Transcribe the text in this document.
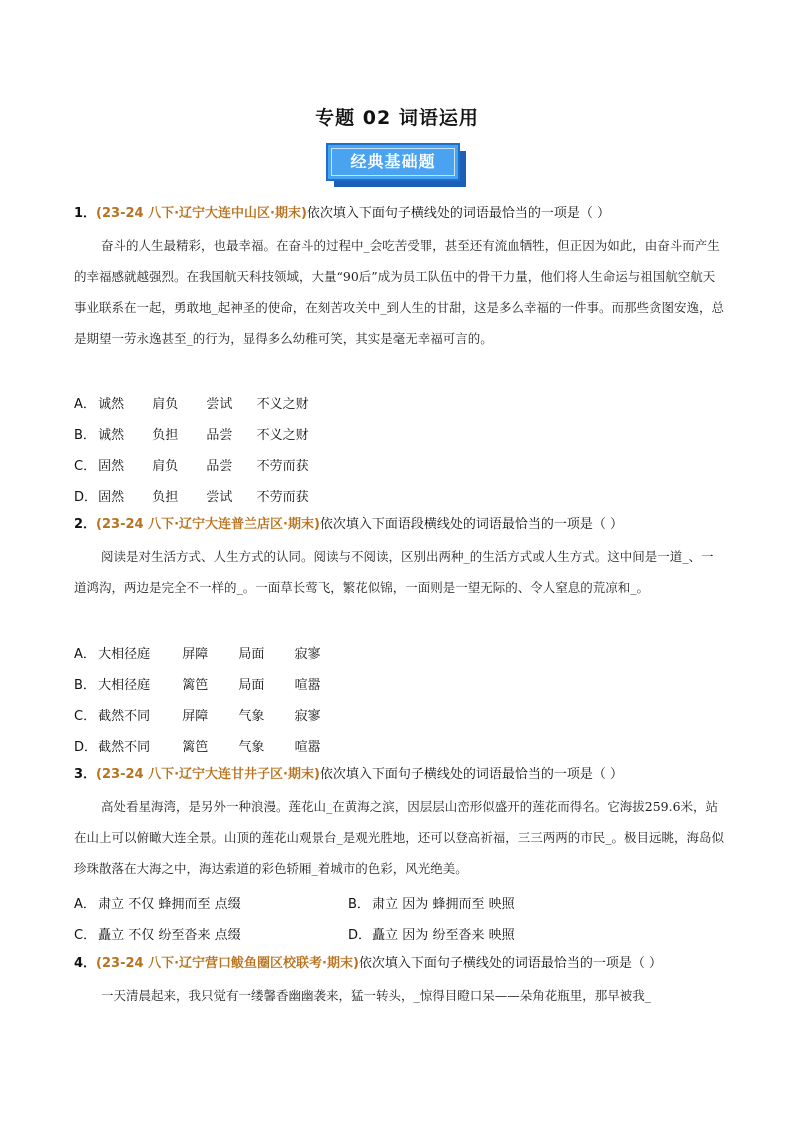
专题 02 词语运用
经典基础题
1．(23-24 八下·辽宁大连中山区·期末)依次填入下面句子横线处的词语最恰当的一项是（ ）
奋斗的人生最精彩，也最幸福。在奋斗的过程中_会吃苦受罪，甚至还有流血牺牲，但正因为如此，由奋斗而产生的幸福感就越强烈。在我国航天科技领域，大量“90后”成为员工队伍中的骨干力量，他们将人生命运与祖国航空航天事业联系在一起，勇敢地_起神圣的使命，在刻苦攻关中_到人生的甘甜，这是多么幸福的一件事。而那些贪图安逸，总是期望一劳永逸甚至_的行为，显得多么幼稚可笑，其实是毫无幸福可言的。
A． 诚然 肩负 尝试 不义之财
B． 诚然 负担 品尝 不义之财
C． 固然 肩负 品尝 不劳而获
D． 固然 负担 尝试 不劳而获
2．(23-24 八下·辽宁大连普兰店区·期末)依次填入下面语段横线处的词语最恰当的一项是（ ）
阅读是对生活方式、人生方式的认同。阅读与不阅读，区别出两种_的生活方式或人生方式。这中间是一道_、一道鸿沟，两边是完全不一样的_。一面草长莺飞，繁花似锦，一面则是一望无际的、令人窒息的荒凉和_。
A． 大相径庭 屏障 局面 寂寥
B． 大相径庭 篱笆 局面 喧嚣
C． 截然不同 屏障 气象 寂寥
D． 截然不同 篱笆 气象 喧嚣
3．(23-24 八下·辽宁大连甘井子区·期末)依次填入下面句子横线处的词语最恰当的一项是（ ）
高处看星海湾，是另外一种浪漫。莲花山_在黄海之滨，因层层山峦形似盛开的莲花而得名。它海拔259.6米，站在山上可以俯瞰大连全景。山顶的莲花山观景台_是观光胜地，还可以登高祈福，三三两两的市民_。极目远眺，海岛似珍珠散落在大海之中，海达索道的彩色轿厢_着城市的色彩，风光绝美。
A． 肃立 不仅 蜂拥而至 点缀	B． 肃立 因为 蜂拥而至 映照
C． 矗立 不仅 纷至沓来 点缀	D． 矗立 因为 纷至沓来 映照
4．(23-24 八下·辽宁营口鲅鱼圈区校联考·期末)依次填入下面句子横线处的词语最恰当的一项是（ ）
一天清晨起来，我只觉有一缕馨香幽幽袭来，猛一转头，_惊得目瞪口呆——朵角花瓶里，那早被我_
